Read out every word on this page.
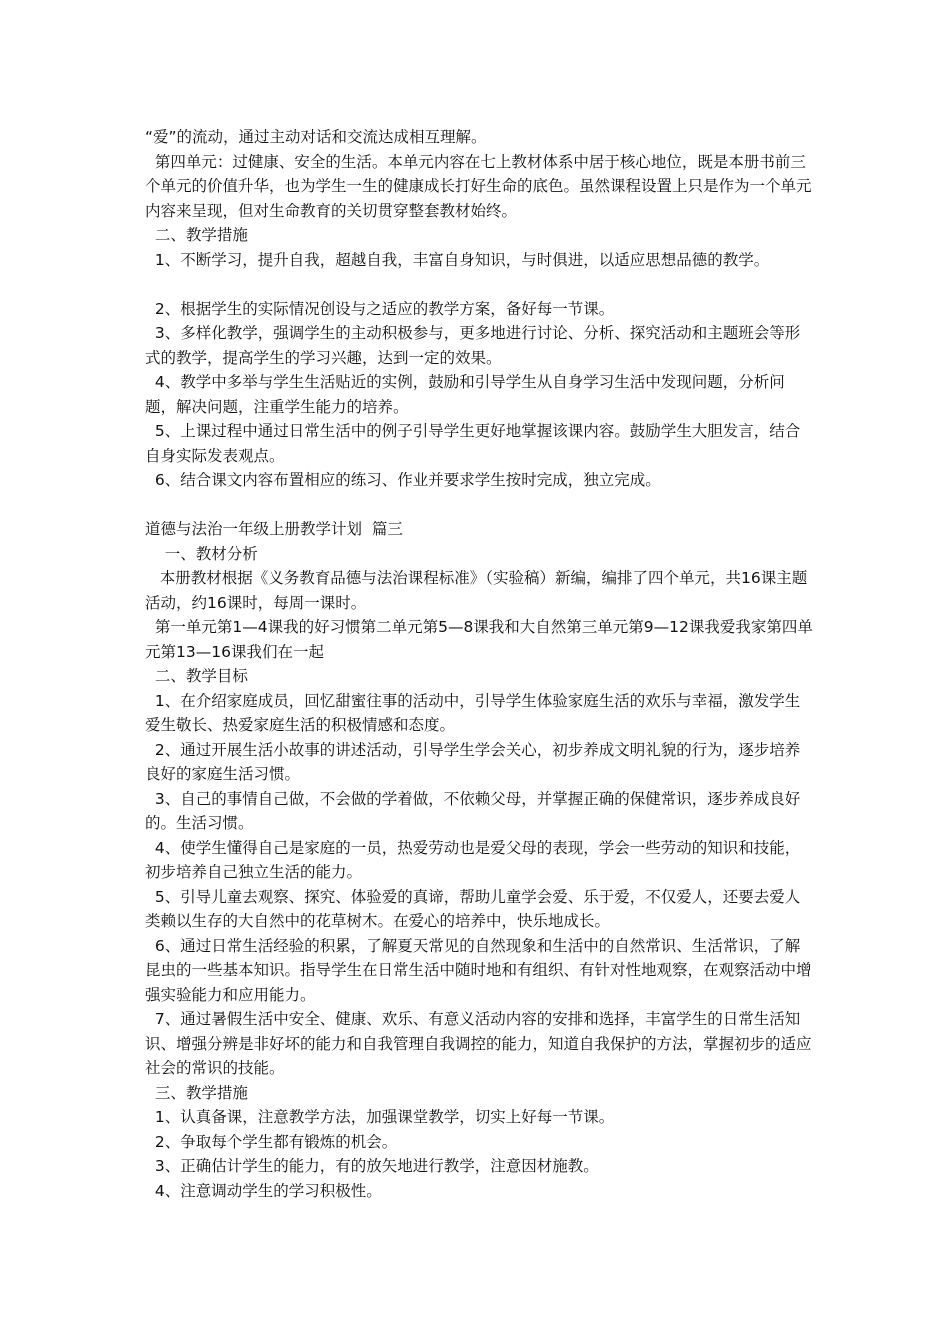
“爱”的流动，通过主动对话和交流达成相互理解。

第四单元：过健康、安全的生活。本单元内容在七上教材体系中居于核心地位，既是本册书前三个单元的价值升华，也为学生一生的健康成长打好生命的底色。虽然课程设置上只是作为一个单元内容来呈现，但对生命教育的关切贯穿整套教材始终。

二、教学措施

1、不断学习，提升自我，超越自我，丰富自身知识，与时俱进，以适应思想品德的教学。

2、根据学生的实际情况创设与之适应的教学方案，备好每一节课。

3、多样化教学，强调学生的主动积极参与，更多地进行讨论、分析、探究活动和主题班会等形式的教学，提高学生的学习兴趣，达到一定的效果。

4、教学中多举与学生生活贴近的实例，鼓励和引导学生从自身学习生活中发现问题，分析问题，解决问题，注重学生能力的培养。

5、上课过程中通过日常生活中的例子引导学生更好地掌握该课内容。鼓励学生大胆发言，结合自身实际发表观点。

6、结合课文内容布置相应的练习、作业并要求学生按时完成，独立完成。

道德与法治一年级上册教学计划  篇三

一、教材分析

本册教材根据《义务教育品德与法治课程标准》（实验稿）新编，编排了四个单元，共16课主题活动，约16课时，每周一课时。

第一单元第1—4课我的好习惯第二单元第5—8课我和大自然第三单元第9—12课我爱我家第四单元第13—16课我们在一起

二、教学目标

1、在介绍家庭成员，回忆甜蜜往事的活动中，引导学生体验家庭生活的欢乐与幸福，激发学生爱生敬长、热爱家庭生活的积极情感和态度。

2、通过开展生活小故事的讲述活动，引导学生学会关心，初步养成文明礼貌的行为，逐步培养良好的家庭生活习惯。

3、自己的事情自己做，不会做的学着做，不依赖父母，并掌握正确的保健常识，逐步养成良好的。生活习惯。

4、使学生懂得自己是家庭的一员，热爱劳动也是爱父母的表现，学会一些劳动的知识和技能，初步培养自己独立生活的能力。

5、引导儿童去观察、探究、体验爱的真谛，帮助儿童学会爱、乐于爱，不仅爱人，还要去爱人类赖以生存的大自然中的花草树木。在爱心的培养中，快乐地成长。

6、通过日常生活经验的积累，了解夏天常见的自然现象和生活中的自然常识、生活常识，了解昆虫的一些基本知识。指导学生在日常生活中随时地和有组织、有针对性地观察，在观察活动中增强实验能力和应用能力。

7、通过暑假生活中安全、健康、欢乐、有意义活动内容的安排和选择，丰富学生的日常生活知识、增强分辨是非好坏的能力和自我管理自我调控的能力，知道自我保护的方法，掌握初步的适应社会的常识的技能。

三、教学措施

1、认真备课，注意教学方法，加强课堂教学，切实上好每一节课。

2、争取每个学生都有锻炼的机会。

3、正确估计学生的能力，有的放矢地进行教学，注意因材施教。

4、注意调动学生的学习积极性。
